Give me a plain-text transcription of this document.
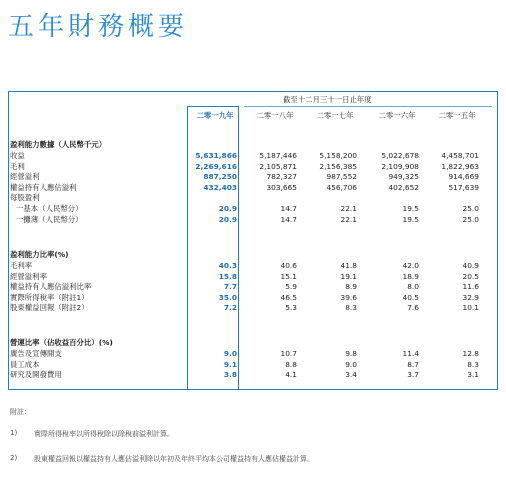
五年財務概要
截至十二月三十一日止年度
二零一九年	二零一八年	二零一七年	二零一六年	二零一五年
盈利能力數據（人民幣千元）
收益	5,631,866	5,187,446	5,158,200	5,022,678	4,458,701
毛利	2,269,616	2,105,871	2,156,385	2,109,908	1,822,963
經營溢利	887,250	782,327	987,552	949,325	914,669
權益持有人應佔溢利	432,403	303,665	456,706	402,652	517,639
每股盈利
一基本（人民幣分）	20.9	14.7	22.1	19.5	25.0
一攤薄（人民幣分）	20.9	14.7	22.1	19.5	25.0
盈利能力比率(%)
毛利率	40.3	40.6	41.8	42.0	40.9
經營溢利率	15.8	15.1	19.1	18.9	20.5
權益持有人應佔溢利比率	7.7	5.9	8.9	8.0	11.6
實際所得稅率（附註1）	35.0	46.5	39.6	40.5	32.9
股東權益回報（附註2）	7.2	5.3	8.3	7.6	10.1
營運比率（佔收益百分比）(%)
廣告及宣傳開支	9.0	10.7	9.8	11.4	12.8
員工成本	9.1	8.8	9.0	8.7	8.3
研究及開發費用	3.8	4.1	3.4	3.7	3.1
附註：
1) 實際所得稅率以所得稅除以除稅前溢利計算。
2) 股東權益回報以權益持有人應佔溢利除以年初及年終平均本公司權益持有人應佔權益計算。
